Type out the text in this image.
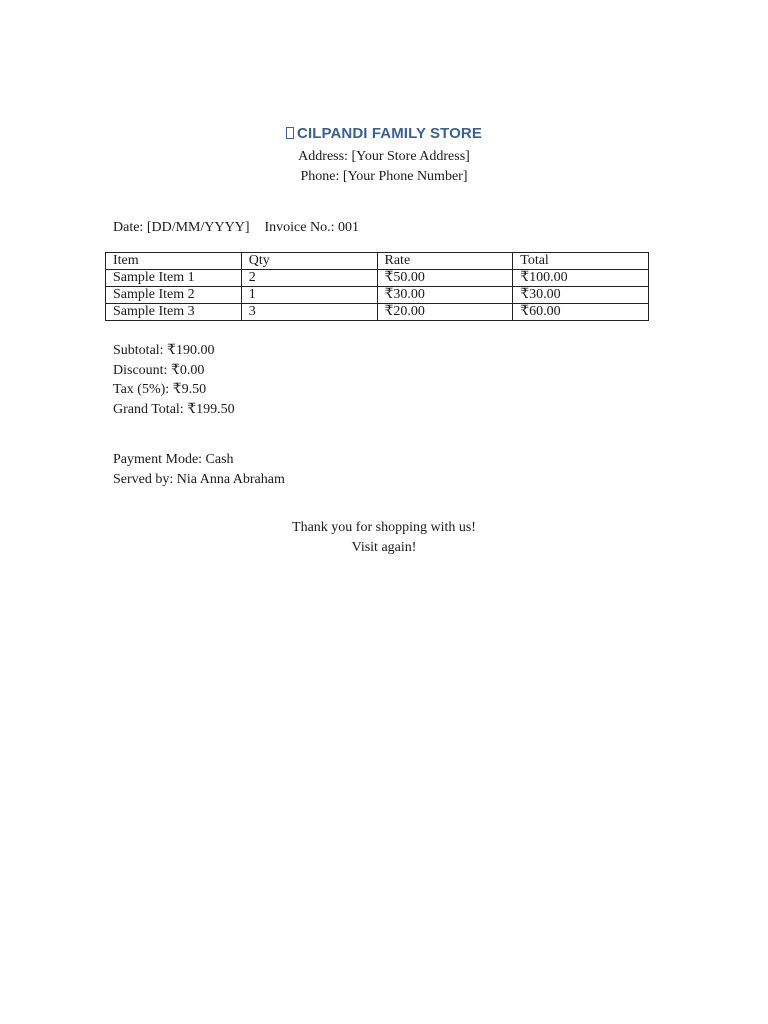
CILPANDI FAMILY STORE
Address: [Your Store Address]
Phone: [Your Phone Number]
Date: [DD/MM/YYYY] Invoice No.: 001
Item	Qty	Rate	Total
Sample Item 1	2	₹50.00	₹100.00
Sample Item 2	1	₹30.00	₹30.00
Sample Item 3	3	₹20.00	₹60.00
Subtotal: ₹190.00
Discount: ₹0.00
Tax (5%): ₹9.50
Grand Total: ₹199.50
Payment Mode: Cash
Served by: Nia Anna Abraham
Thank you for shopping with us!
Visit again!
